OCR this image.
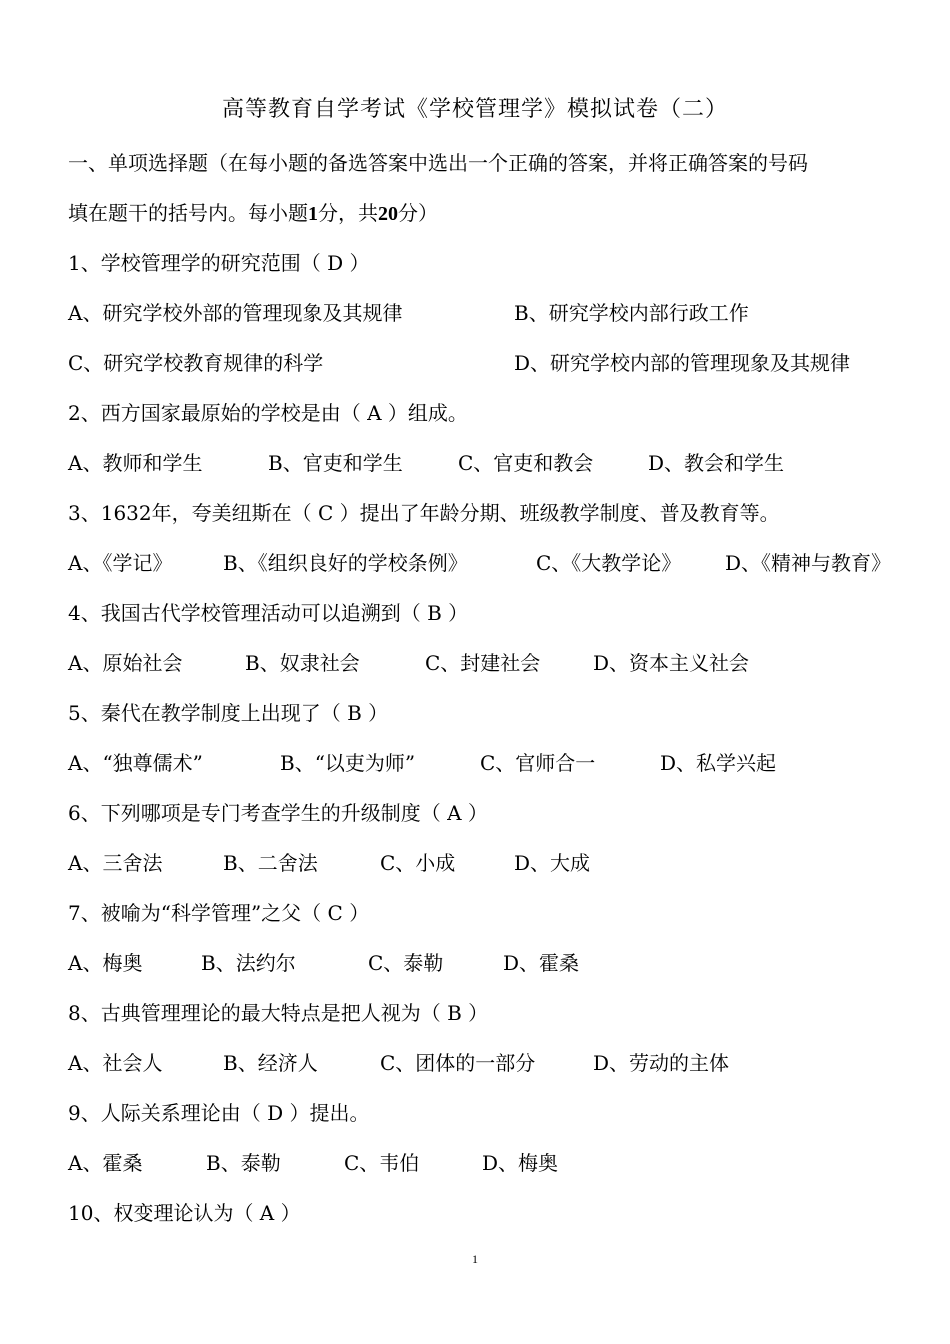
高等教育自学考试《学校管理学》模拟试卷（二）
一、单项选择题（在每小题的备选答案中选出一个正确的答案，并将正确答案的号码
填在题干的括号内。每小题1分，共20分）
1、学校管理学的研究范围（ D ）
A、研究学校外部的管理现象及其规律	B、研究学校内部行政工作
C、研究学校教育规律的科学	D、研究学校内部的管理现象及其规律
2、西方国家最原始的学校是由（ A ）组成。
A、教师和学生	B、官吏和学生	C、官吏和教会	D、教会和学生
3、1632年，夸美纽斯在（ C ）提出了年龄分期、班级教学制度、普及教育等。
A、《学记》	B、《组织良好的学校条例》	C、《大教学论》 D、《精神与教育》
4、我国古代学校管理活动可以追溯到（ B ）
A、原始社会	B、奴隶社会	C、封建社会	D、资本主义社会
5、秦代在教学制度上出现了（ B ）
A、“独尊儒术”	B、“以吏为师”	C、官师合一	D、私学兴起
6、下列哪项是专门考查学生的升级制度（ A ）
A、三舍法	B、二舍法	C、小成	D、大成
7、被喻为“科学管理”之父（ C ）
A、梅奥	B、法约尔	C、泰勒	D、霍桑
8、古典管理理论的最大特点是把人视为（ B ）
A、社会人	B、经济人	C、团体的一部分	D、劳动的主体
9、人际关系理论由（ D ）提出。
A、霍桑	B、泰勒	C、韦伯	D、梅奥
10、权变理论认为（ A ）
1
